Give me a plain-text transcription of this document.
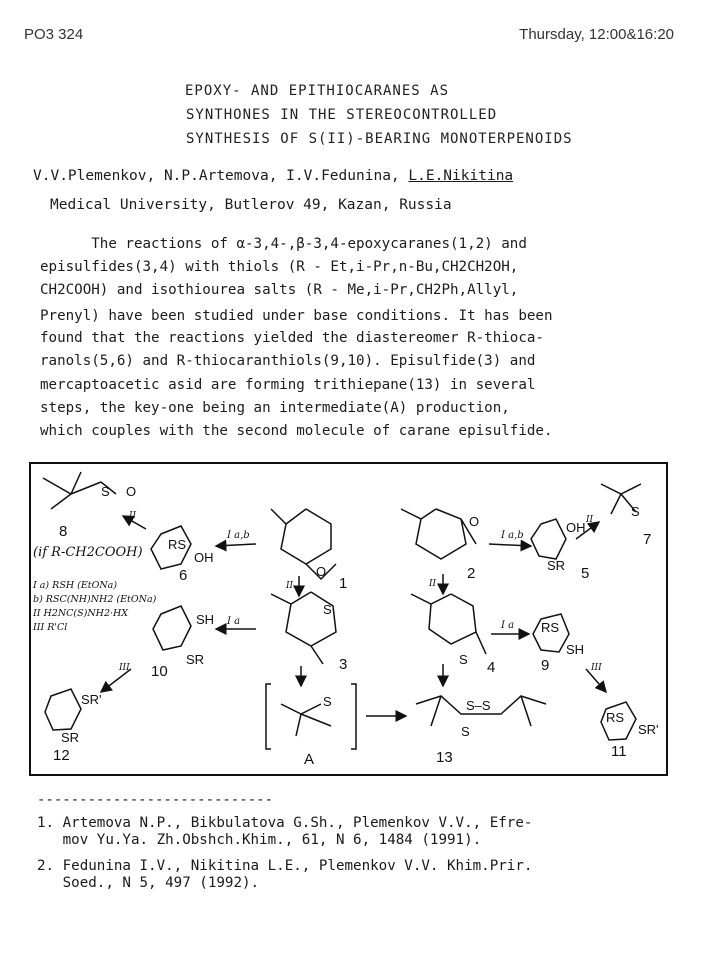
PO3 324	Thursday, 12:00&16:20
EPOXY- AND EPITHIOCARANES AS
SYNTHONES IN THE STEREOCONTROLLED
SYNTHESIS OF S(II)-BEARING MONOTERPENOIDS
V.V.Plemenkov, N.P.Artemova, I.V.Fedunina, L.E.Nikitina
Medical University, Butlerov 49, Kazan, Russia
The reactions of α-3,4-,β-3,4-epoxycaranes(1,2) and
episulfides(3,4) with thiols (R - Et,i-Pr,n-Bu,CH2CH2OH,
CH2COOH) and isothiourea salts (R - Me,i-Pr,CH2Ph,Allyl,
Prenyl) have been studied under base conditions. It has been
found that the reactions yielded the diastereomer R-thioca-
ranols(5,6) and R-thiocaranthiols(9,10). Episulfide(3) and
mercaptoacetic asid are forming trithiepane(13) in several
steps, the key-one being an intermediate(A) production,
which couples with the second molecule of carane episulfide.
S O
O
O
RS
OH
OH
SR
S
SH
SR
S
S
RS
SH
SR'
SR
S	S–S
S
RS
SR'
1
2
3	4
5
6
7
8
9
10
11
12	13
A
(if R-CH2COOH)
I a) RSH (EtONa)
b) RSC(NH)NH2 (EtONa)
II H2NC(S)NH2·HX
III R'Cl
I a,b	I a,b
II	II
II	II
I a	I a
III	III
----------------------------
1. Artemova N.P., Bikbulatova G.Sh., Plemenkov V.V., Efre-
mov Yu.Ya. Zh.Obshch.Khim., 61, N 6, 1484 (1991).
2. Fedunina I.V., Nikitina L.E., Plemenkov V.V. Khim.Prir.
Soed., N 5, 497 (1992).
